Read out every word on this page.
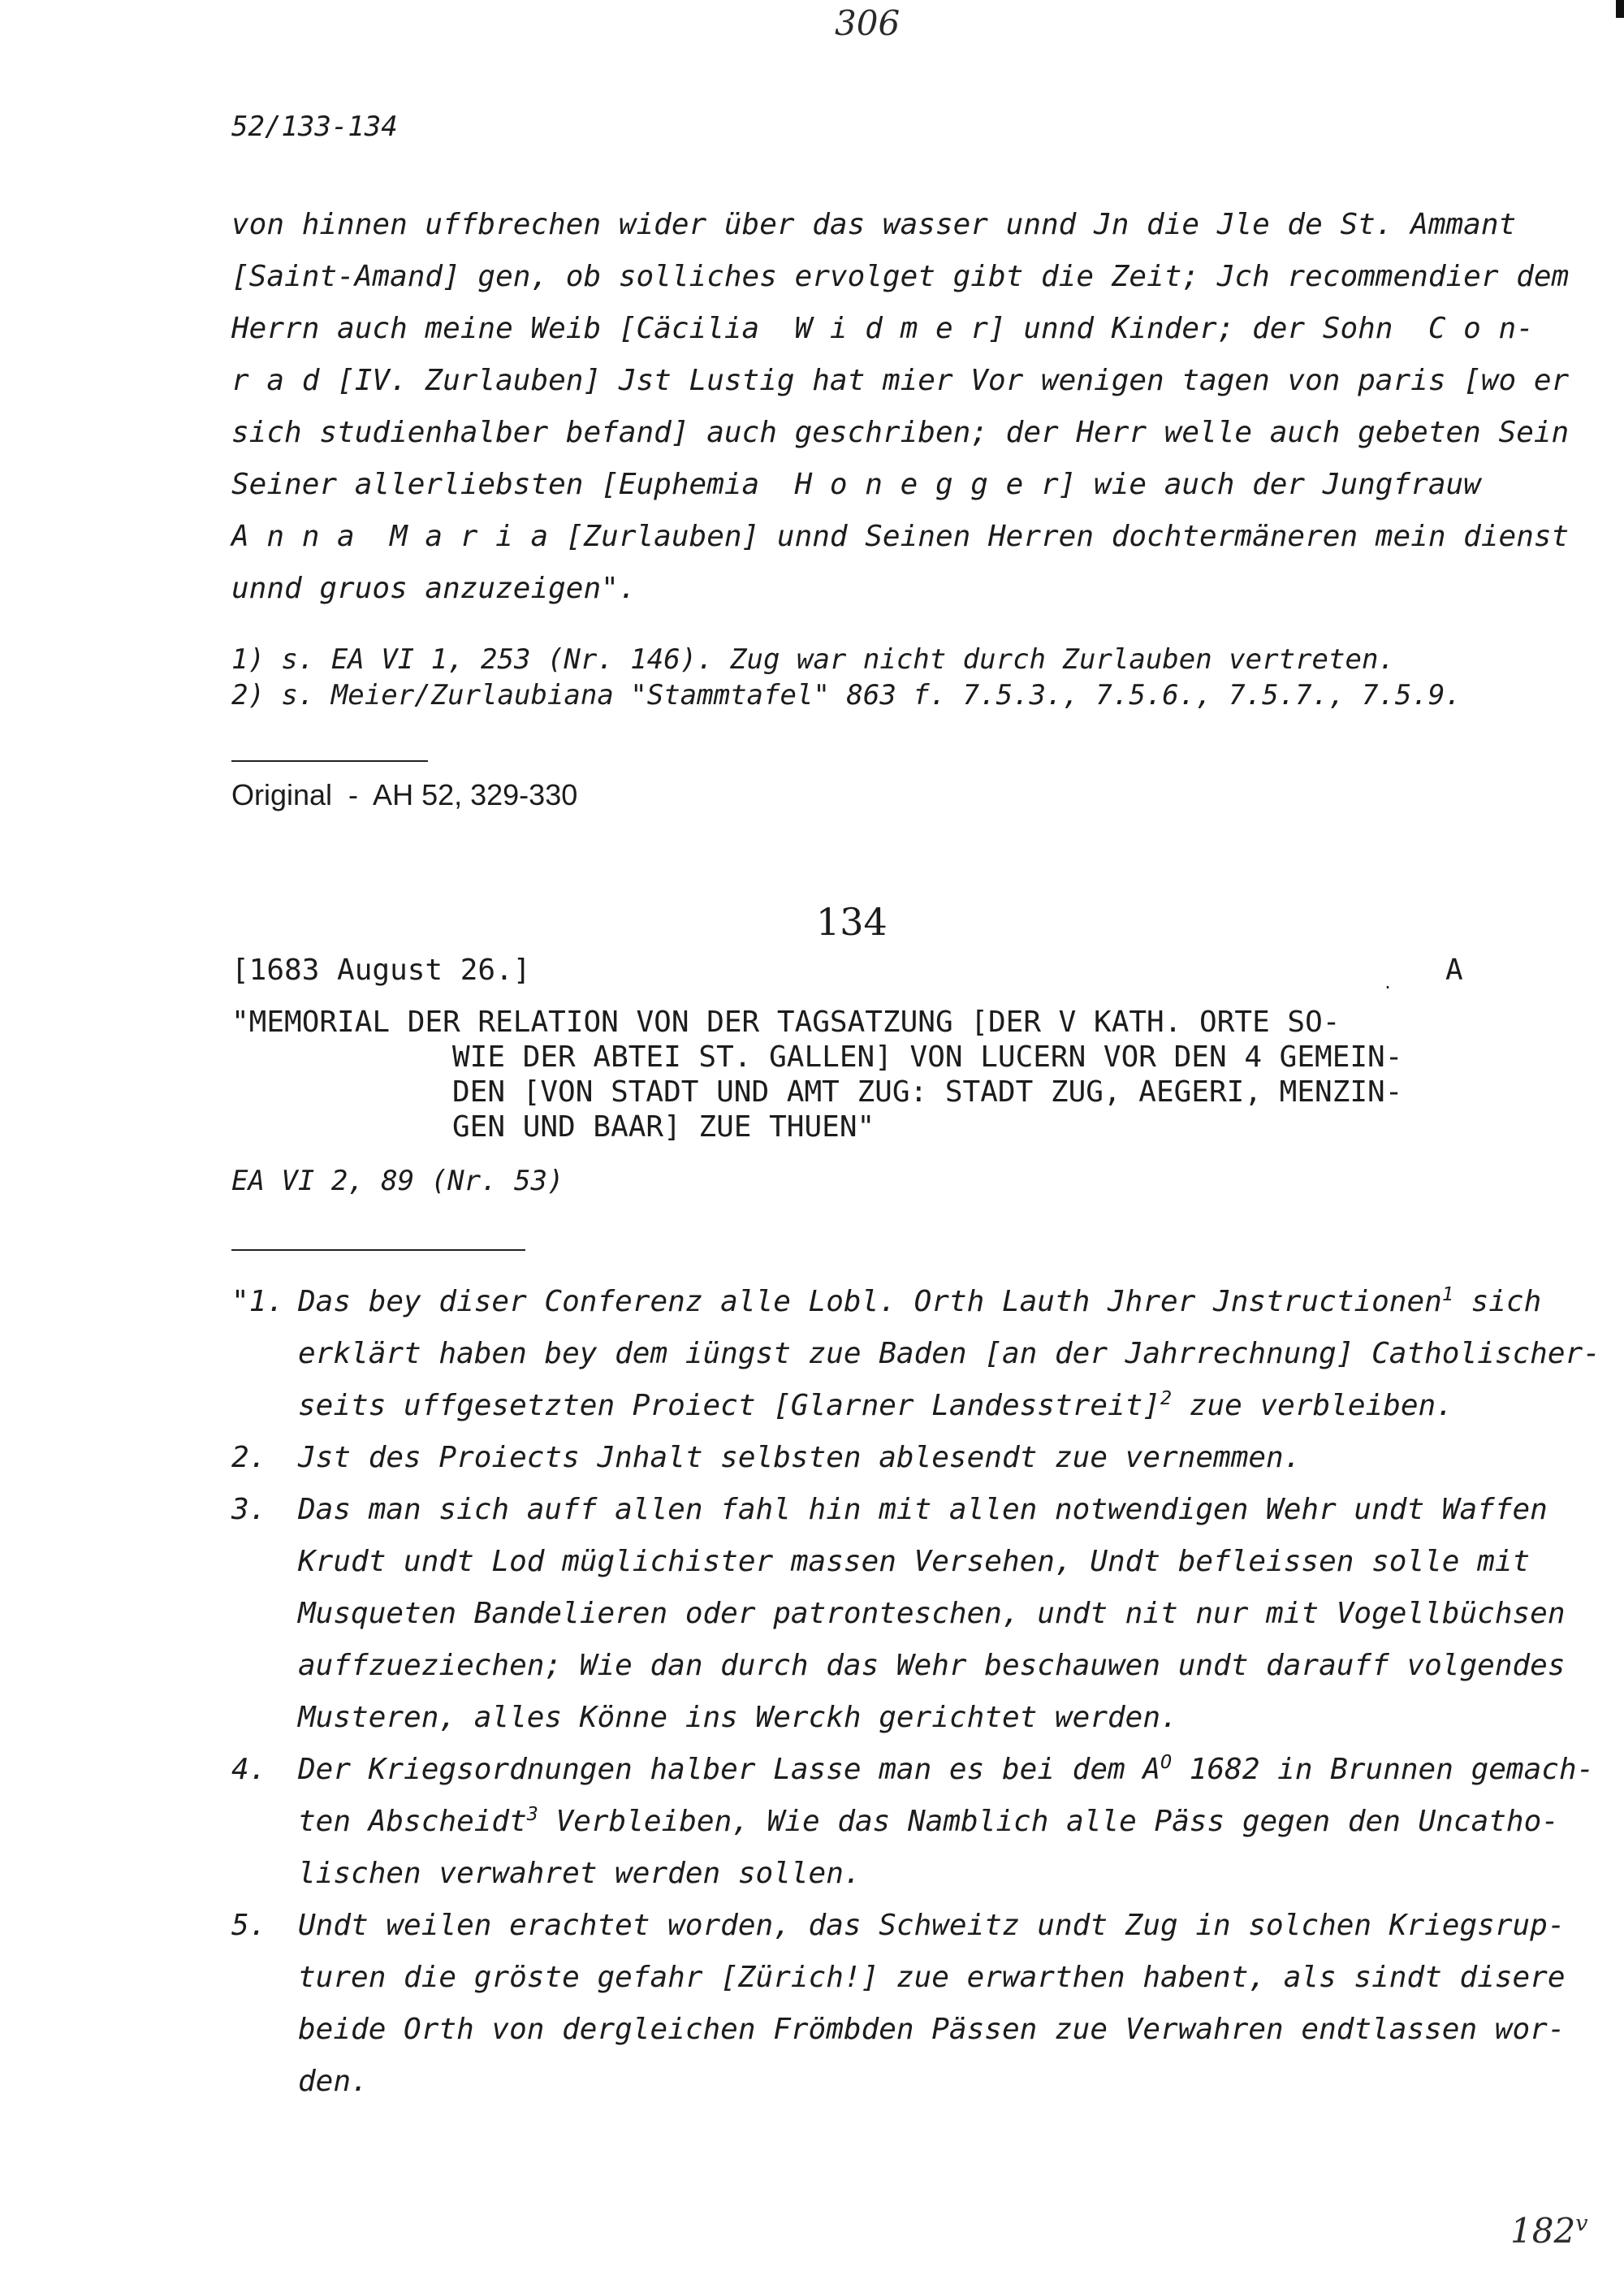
306
52/133-134
von hinnen uffbrechen wider über das wasser unnd Jn die Jle de St. Ammant
[Saint-Amand] gen, ob solliches ervolget gibt die Zeit; Jch recommendier dem
Herrn auch meine Weib [Cäcilia  W i d m e r] unnd Kinder; der Sohn  C o n-
r a d [IV. Zurlauben] Jst Lustig hat mier Vor wenigen tagen von paris [wo er
sich studienhalber befand] auch geschriben; der Herr welle auch gebeten Sein
Seiner allerliebsten [Euphemia  H o n e g g e r] wie auch der Jungfrauw
A n n a  M a r i a [Zurlauben] unnd Seinen Herren dochtermäneren mein dienst
unnd gruos anzuzeigen".
1) s. EA VI 1, 253 (Nr. 146). Zug war nicht durch Zurlauben vertreten.
2) s. Meier/Zurlaubiana "Stammtafel" 863 f. 7.5.3., 7.5.6., 7.5.7., 7.5.9.
Original  -  AH 52, 329-330
134
[1683 August 26.]	. A
"MEMORIAL DER RELATION VON DER TAGSATZUNG [DER V KATH. ORTE SO-
WIE DER ABTEI ST. GALLEN] VON LUCERN VOR DEN 4 GEMEIN-
DEN [VON STADT UND AMT ZUG: STADT ZUG, AEGERI, MENZIN-
GEN UND BAAR] ZUE THUEN"
EA VI 2, 89 (Nr. 53)
"1. Das bey diser Conferenz alle Lobl. Orth Lauth Jhrer Jnstructionen$^1$ sich
erklärt haben bey dem iüngst zue Baden [an der Jahrrechnung] Catholischer-
seits uffgesetzten Proiect [Glarner Landesstreit]$^2$ zue verbleiben.
2. Jst des Proiects Jnhalt selbsten ablesendt zue vernemmen.
3. Das man sich auff allen fahl hin mit allen notwendigen Wehr undt Waffen
Krudt undt Lod müglichister massen Versehen, Undt befleissen solle mit
Musqueten Bandelieren oder patronteschen, undt nit nur mit Vogellbüchsen
auffzueziechen; Wie dan durch das Wehr beschauwen undt darauff volgendes
Musteren, alles Könne ins Werckh gerichtet werden.
4. Der Kriegsordnungen halber Lasse man es bei dem $A^O$ 1682 in Brunnen gemach-
ten Abscheidt$^3$ Verbleiben, Wie das Namblich alle Päss gegen den Uncatho-
lischen verwahret werden sollen.
5. Undt weilen erachtet worden, das Schweitz undt Zug in solchen Kriegsrup-
turen die gröste gefahr [Zürich!] zue erwarthen habent, als sindt disere
beide Orth von dergleichen Frömbden Pässen zue Verwahren endtlassen wor-
den.
182$^v$
